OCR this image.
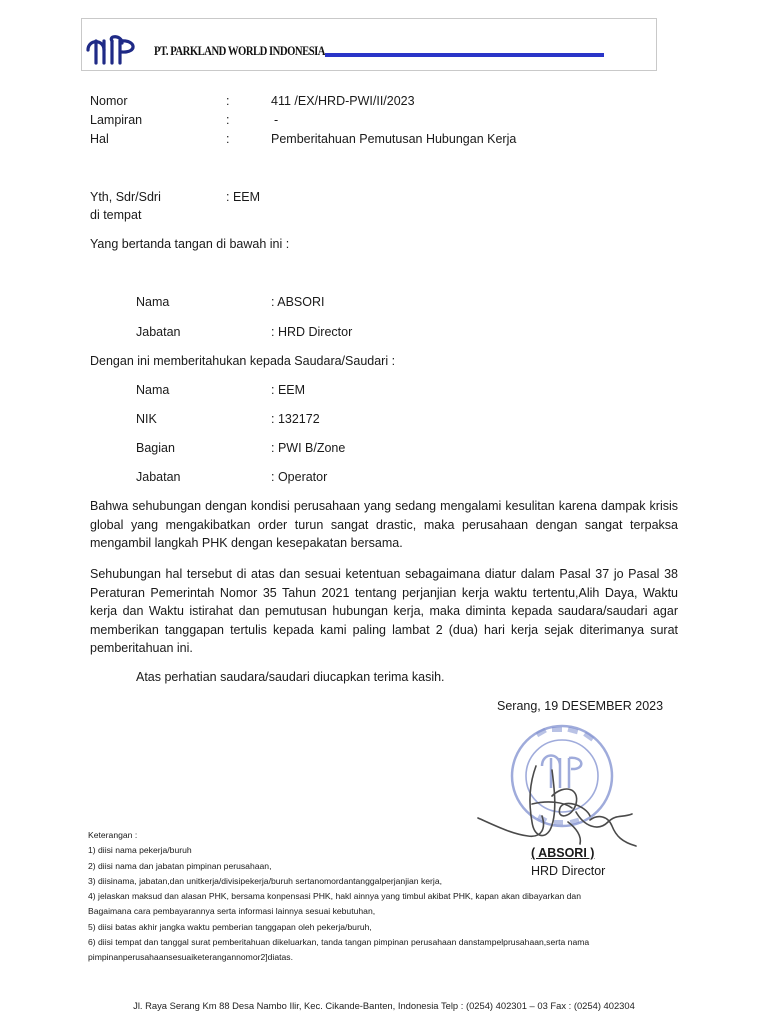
PT. PARKLAND WORLD INDONESIA
Nomor	:	411 /EX/HRD-PWI/II/2023
Lampiran	:	-
Hal	:	Pemberitahuan Pemutusan Hubungan Kerja
Yth, Sdr/Sdri	: EEM
di tempat
Yang bertanda tangan di bawah ini :
Nama	: ABSORI
Jabatan	: HRD Director
Dengan ini memberitahukan kepada Saudara/Saudari :
Nama	: EEM
NIK	: 132172
Bagian	: PWI B/Zone
Jabatan	: Operator
Bahwa sehubungan dengan kondisi perusahaan yang sedang mengalami kesulitan karena dampak krisis global yang mengakibatkan order turun sangat drastic, maka perusahaan dengan sangat terpaksa mengambil langkah PHK dengan kesepakatan bersama.
Sehubungan hal tersebut di atas dan sesuai ketentuan sebagaimana diatur dalam Pasal 37 jo Pasal 38 Peraturan Pemerintah Nomor 35 Tahun 2021 tentang perjanjian kerja waktu tertentu,Alih Daya, Waktu kerja dan Waktu istirahat dan pemutusan hubungan kerja, maka diminta kepada saudara/saudari agar memberikan tanggapan tertulis kepada kami paling lambat 2 (dua) hari kerja sejak diterimanya surat pemberitahuan ini.
Atas perhatian saudara/saudari diucapkan terima kasih.
Serang, 19 DESEMBER 2023
( ABSORI )
HRD Director
Keterangan :
1) diisi nama pekerja/buruh
2) diisi nama dan jabatan pimpinan perusahaan,
3) diisinama, jabatan,dan unitkerja/divisipekerja/buruh sertanomordantanggalperjanjian kerja,
4) jelaskan maksud dan alasan PHK, bersama konpensasi PHK, hakl ainnya yang timbul akibat PHK, kapan akan dibayarkan dan
Bagaimana cara pembayarannya serta informasi lainnya sesuai kebutuhan,
5) diisi batas akhir jangka waktu pemberian tanggapan oleh pekerja/buruh,
6) diisi tempat dan tanggal surat pemberitahuan dikeluarkan, tanda tangan pimpinan perusahaan danstampelprusahaan,serta nama
pimpinanperusahaansesuaiketerangannomor2]diatas.
Jl. Raya Serang Km 88 Desa Nambo Ilir, Kec. Cikande-Banten, Indonesia Telp : (0254) 402301 – 03 Fax : (0254) 402304
